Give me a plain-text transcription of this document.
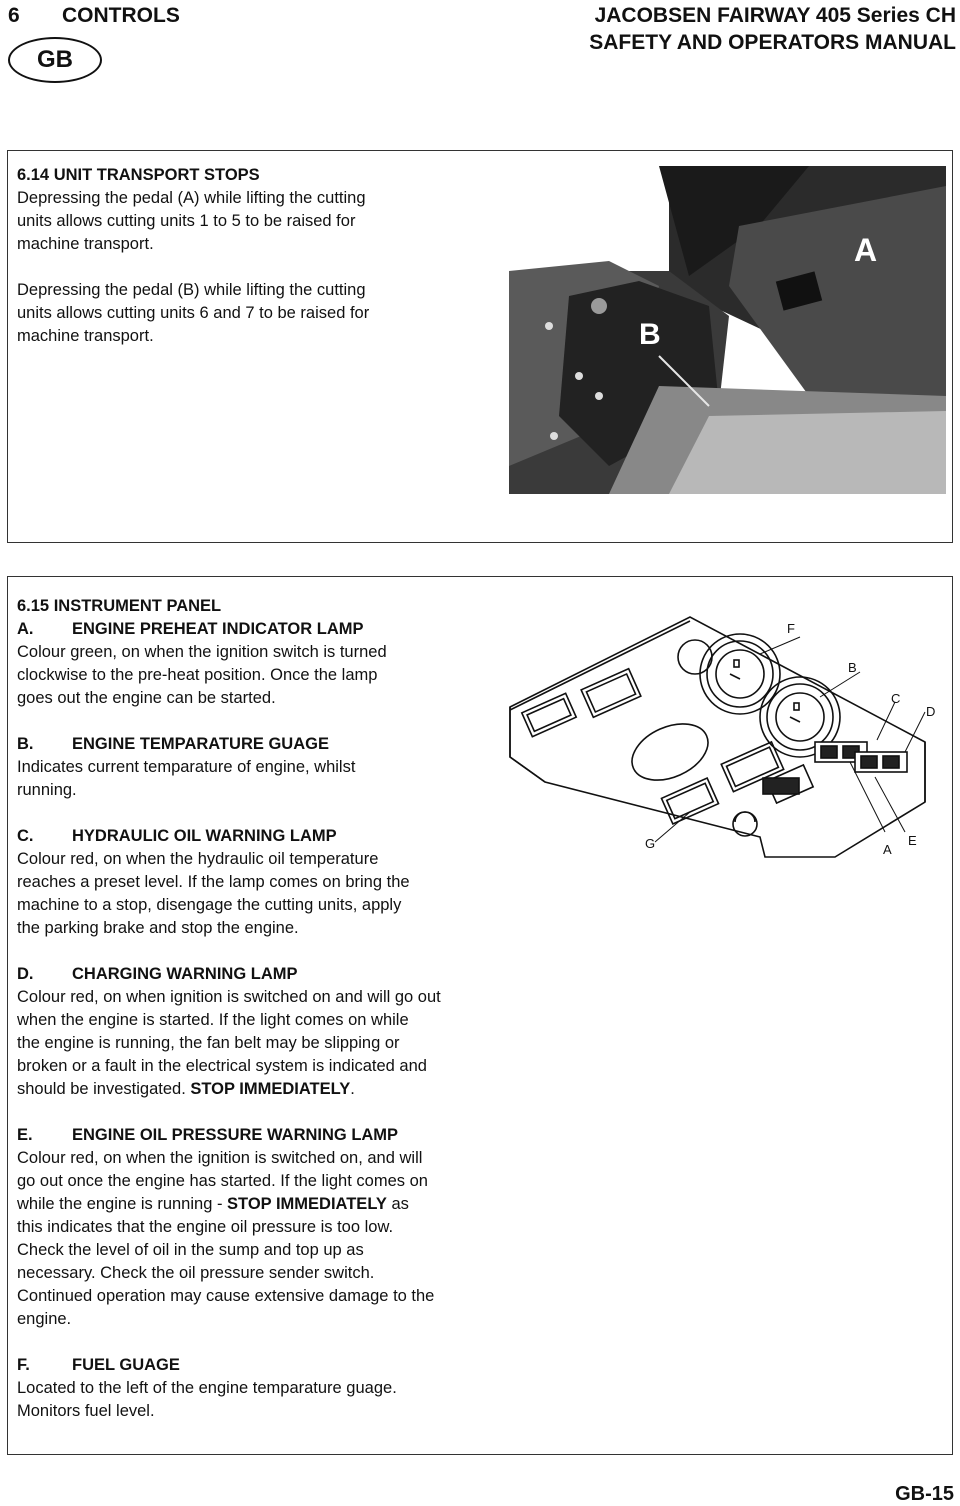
6 CONTROLS	JACOBSEN FAIRWAY 405 Series CH
SAFETY AND OPERATORS MANUAL
GB

6.14 UNIT TRANSPORT STOPS

Depressing the pedal (A) while lifting the cutting

units allows cutting units 1 to 5 to be raised for

machine transport.

Depressing the pedal (B) while lifting the cutting

units allows cutting units 6 and 7 to be raised for

machine transport.	B
A

6.15 INSTRUMENT PANEL

A. ENGINE PREHEAT INDICATOR LAMP

Colour green, on when the ignition switch is turned

clockwise to the pre-heat position. Once the lamp

goes out the engine can be started.

B. ENGINE TEMPARATURE GUAGE

Indicates current temparature of engine, whilst

running.

C. HYDRAULIC OIL WARNING LAMP

Colour red, on when the hydraulic oil temperature

reaches a preset level. If the lamp comes on bring the

machine to a stop, disengage the cutting units, apply

the parking brake and stop the engine.

D. CHARGING WARNING LAMP

Colour red, on when ignition is switched on and will go out

when the engine is started. If the light comes on while

the engine is running, the fan belt may be slipping or

broken or a fault in the electrical system is indicated and

should be investigated. STOP IMMEDIATELY.

E. ENGINE OIL PRESSURE WARNING LAMP

Colour red, on when the ignition is switched on, and will

go out once the engine has started. If the light comes on

while the engine is running - STOP IMMEDIATELY as

this indicates that the engine oil pressure is too low.

Check the level of oil in the sump and top up as

necessary. Check the oil pressure sender switch.

Continued operation may cause extensive damage to the

engine.

F.	FUEL GUAGE

Located to the left of the engine temparature guage.

Monitors fuel level.

F
B
C
D
G	A
E
GB-15
